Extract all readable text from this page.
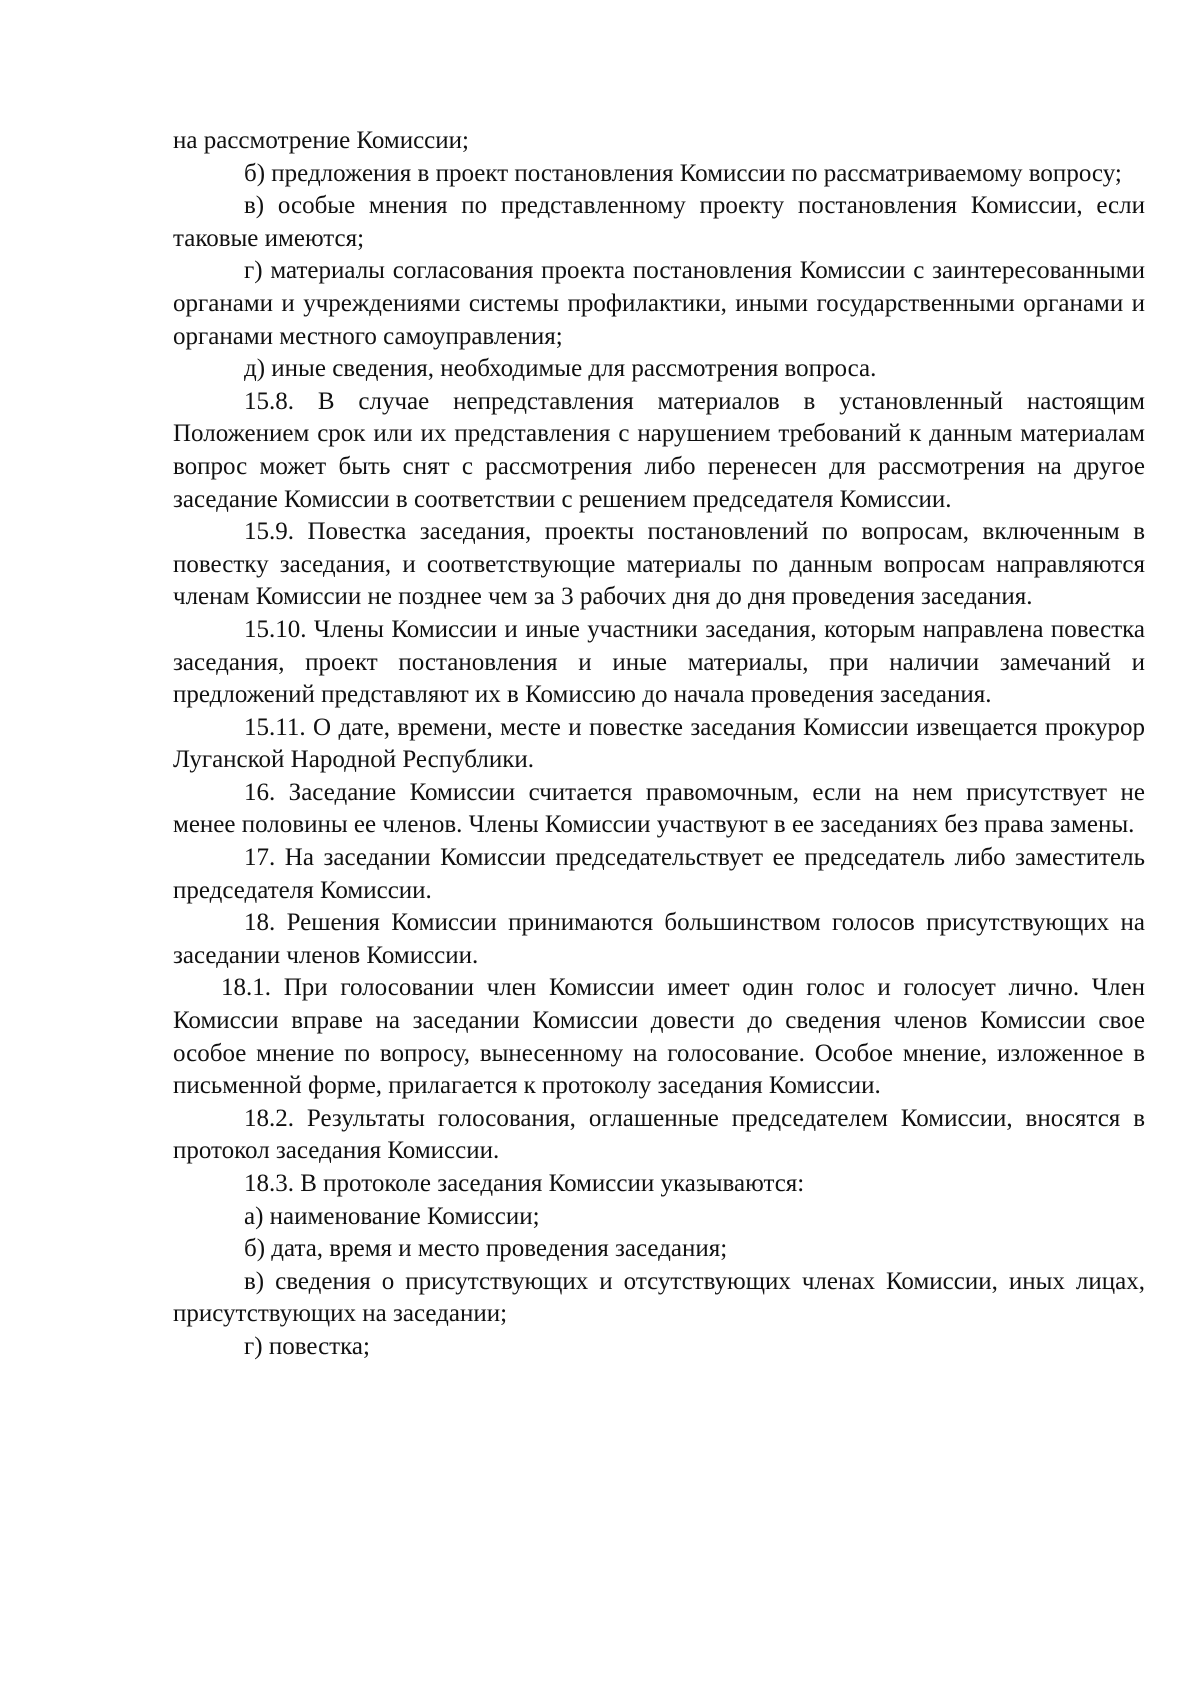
на рассмотрение Комиссии;

б) предложения в проект постановления Комиссии по рассматриваемому вопросу;

в) особые мнения по представленному проекту постановления Комиссии, если таковые имеются;

г) материалы согласования проекта постановления Комиссии с заинтересованными органами и учреждениями системы профилактики, иными государственными органами и органами местного самоуправления;

д) иные сведения, необходимые для рассмотрения вопроса.

15.8. В случае непредставления материалов в установленный настоящим Положением срок или их представления с нарушением требований к данным материалам вопрос может быть снят с рассмотрения либо перенесен для рассмотрения на другое заседание Комиссии в соответствии с решением председателя Комиссии.

15.9. Повестка заседания, проекты постановлений по вопросам, включенным в повестку заседания, и соответствующие материалы по данным вопросам направляются членам Комиссии не позднее чем за 3 рабочих дня до дня проведения заседания.

15.10. Члены Комиссии и иные участники заседания, которым направлена повестка заседания, проект постановления и иные материалы, при наличии замечаний и предложений представляют их в Комиссию до начала проведения заседания.

15.11. О дате, времени, месте и повестке заседания Комиссии извещается прокурор Луганской Народной Республики.

16. Заседание Комиссии считается правомочным, если на нем присутствует не менее половины ее членов. Члены Комиссии участвуют в ее заседаниях без права замены.

17. На заседании Комиссии председательствует ее председатель либо заместитель председателя Комиссии.

18. Решения Комиссии принимаются большинством голосов присутствующих на заседании членов Комиссии.

18.1. При голосовании член Комиссии имеет один голос и голосует лично. Член Комиссии вправе на заседании Комиссии довести до сведения членов Комиссии свое особое мнение по вопросу, вынесенному на голосование. Особое мнение, изложенное в письменной форме, прилагается к протоколу заседания Комиссии.

18.2. Результаты голосования, оглашенные председателем Комиссии, вносятся в протокол заседания Комиссии.

18.3. В протоколе заседания Комиссии указываются:

а) наименование Комиссии;

б) дата, время и место проведения заседания;

в) сведения о присутствующих и отсутствующих членах Комиссии, иных лицах, присутствующих на заседании;

г) повестка;
